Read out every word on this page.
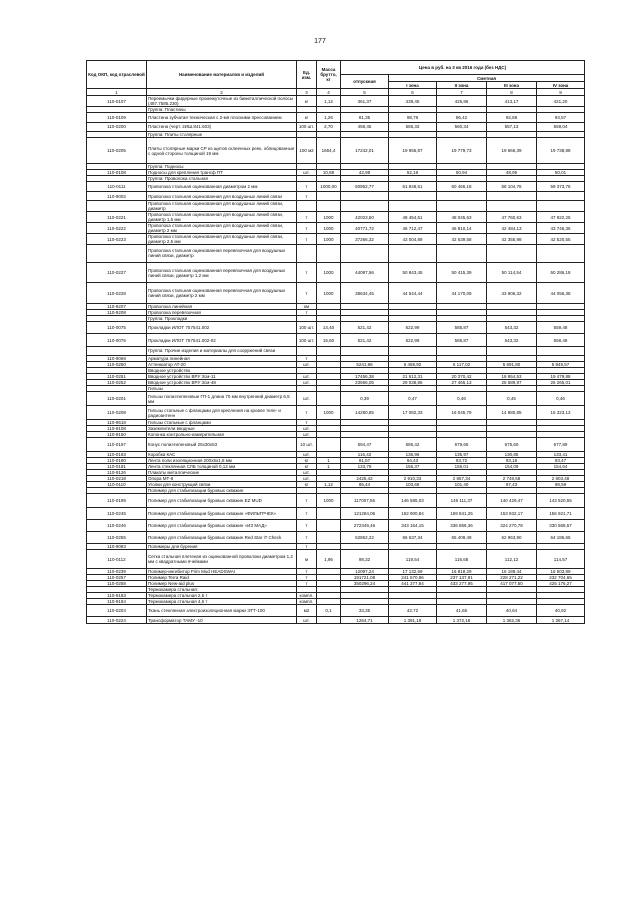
177
Код ОКП, код отраслевой	Наименование материалов и изделий	Ед. изм.	Масса брутто, кг	Цена в руб. на 3 кв 2016 года (без НДС)				
				отпускная	Сметная			
					I зона	II зона	III зона	IV зона
1	2	3	4	5	6	7	8	9
110-0107	Переемычки фидерные промежуточные из биметаллической полосы (487.7585.230)	кг	1,12	361,37	439,45	426,86	413,17	421,20
	Группа: Пластины							
110-0109	Пластина зубчатая техническая с 2-мя плоскими прессованием	кг	1,26	81,35	98,79	96,42	92,68	94,57
110-0200	Пластина (черт. 2ИШ.841.603)	100 шт.	2,70	458,45	565,33	560,34	557,13	559,04
	Группа: Плиты столярные							
110-0205	Плиты столярные марки СР из щитов склеенных реек, облицованные с одной стороны толщиной 19 мм	100 м2	1654,4	17242,01	19 955,87	19 779,73	19 666,39	19 738,88
	Группа: Подносы							
110-0108	Подносы для крепления трансф ПТ	шт.	10,88	42,98	52,19	50,94	48,95	50,01
	Группа: Проволока стальная							
110-0111	Проволока стальная оцинкованная диаметром 2 мм	т	1000,00	50952,77	61 848,51	60 466,18	58 104,76	59 373,76
110-9002	Проволока стальная оцинкованная для воздушных линий связи	т						
	Проволока стальная оцинкованная для воздушных линий связи, диаметр							
110-0221	Проволока стальная оцинкованная для воздушных линий связи, диаметр 1,5 мм	т	1000	42023,50	48 454,51	48 045,63	47 760,63	47 922,25
110-0222	Проволока стальная оцинкованная для воздушных линий связи, диаметр 2 мм	т	1000	40771,72	46 712,47	46 810,14	42 484,13	43 746,36
110-0223	Проволока стальная оцинкованная для воздушных линий связи, диаметр 2,5 мм	т	1000	37266,32	43 004,89	42 639,58	42 355,98	42 520,55
	Проволока стальная оцинкованная перевязочная для воздушных линий связи, диаметр							
110-0227	Проволока стальная оцинкованная перевязочная для воздушных линий связи, диаметр 1,2 мм	т	1000	44097,56	50 843,45	50 415,39	50 114,54	50 286,18
110-0228	Проволока стальная оцинкованная перевязочная для воздушных линий связи, диаметр 2 мм	т	1000	38634,45	44 544,44	44 170,09	43 906,32	44 056,38
110-9207	Проволока линейная	км						
110-9208	Проволока перевязочная	т						
	Группа: Прокладки							
110-0075	Прокладки ИЛОТ 757541.002	100 шт.	14,40	521,42	622,99	585,87	543,32	559,48
110-0076	Прокладки ИЛОТ 757541.002-02	100 шт.	15,60	521,42	622,99	585,87	543,32	559,48
	Группа: Прочие изделия и материалы для сооружений связи							
110-9069	Арматура линейная	т						
110-0250	Аттенюатор AT-20	шт.		5241,96	6 459,92	6 117,02	5 691,80	5 849,57
	Вводное устройство							
110-0251	Вводное устройство ВРУ 3см-11	шт.		17456,38	21 512,31	20 370,42	18 954,53	19 479,88
110-0252	Вводное устройство ВРУ 3см-48	шт.		23566,05	29 038,86	27 465,13	25 589,97	26 265,01
	Гильзы							
110-0201	Гильзы полиэтиленовые ГП-1 длина 70 мм внутренний диаметр 6,5 мм	шт.		0,39	0,47	0,46	0,46	0,46
110-0208	Гильзы стальные с фланцами для крепления на кровле теле- и радиоантенн	т	1000	14280,85	17 082,33	16 045,79	14 880,85	15 323,13
110-9518	Гильзы стальные с фланцами	т						
110-9108	Заземлители вводные	шт.						
110-9150	Колонка контрольно-измерительная	шт.						
110-0197	Конус полиэтиленовый 25х30х53	10 шт.		594,47	685,42	679,65	675,60	677,89
110-0193	Коробка КАС	шт.		116,42	136,96	135,97	130,85	133,41
110-0190	Лента поли изоляционная 200х5х1,8 мм	кг	1	81,57	94,43	93,72	93,18	93,47
110-0191	Лента стеклянная СЛБ толщиной 0,12 мм	кг	1	133,79	156,37	155,01	154,09	154,64
110-9126	Плакаты металлические	шт.						
110-0218	Опора МТ-8	шт.		2425,42	2 910,33	2 857,34	2 748,58	2 803,48
110-0110	Уголки для конструкций связи	кг	1,12	85,44	103,68	101,40	97,43	98,59
	Полимер для стабилизации буровых скважин							
110-0199	Полимер для стабилизации буровых скважин EZ MUD	т	1000	117007,55	146 585,03	146 111,37	140 429,47	143 520,55
110-0245	Полимер для стабилизации буровых скважин «ФИЛЬТРЧЕК»	т		121284,06	162 900,84	159 841,25	153 932,17	156 921,71
110-0246	Полимер для стабилизации буровых скважин «ИЗ МАД»	т		272349,46	343 164,15	336 868,36	324 270,78	330 568,57
110-0255	Полимер для стабилизации буровых скважин Red Star iT Check	т		52862,22	66 637,34	65 409,49	62 963,90	64 186,65
110-9083	Полимеры для бурения	т						
110-0112	Сетка стальная плетеная из оцинкованной проволоки диаметром 1,2 мм с квадратными ячейками	м	1,96	98,32	119,54	116,68	112,12	114,57
110-0239	Полимер-ингибитор Frim Mud HEADSWAI	т		12097,24	17 132,69	16 818,29	16 189,44	16 503,89
110-0257	Полимер Terra Raid	т		191721,08	241 570,96	237 137,91	228 271,22	232 704,65
110-0258	Полимер New-aid plus	т		350296,24	441 377,84	433 277,95	417 077,50	425 176,27
	Термокамера стальная:							
110-9183	Термокамера стальная 2,5 т	компл.						
110-9184	Термокамера стальная 4,6 т	компл.						
110-0204	Ткань стеклянная электроизоляционная марки ЭТТ-100	м2	0,1	33,35	42,72	41,66	40,64	40,92
110-0224	Трансформатор ТАМУ -10	шт.		1264,71	1 391,18	1 372,18	1 362,36	1 367,14
